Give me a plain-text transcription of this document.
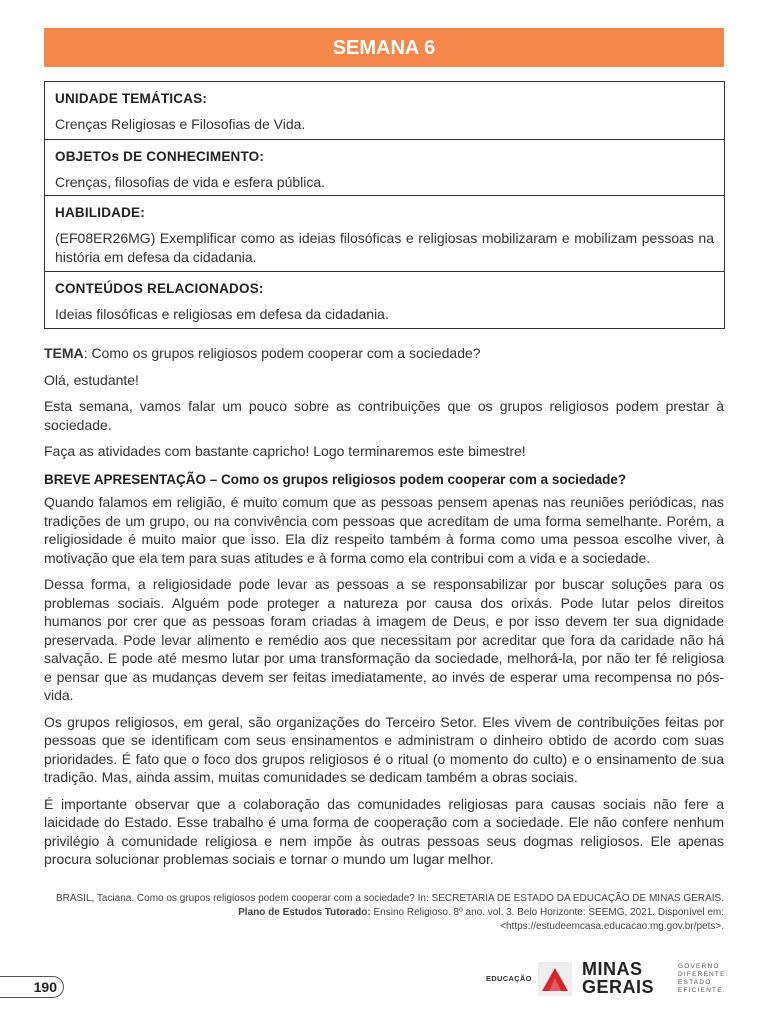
SEMANA 6
UNIDADE TEMÁTICAS:
Crenças Religiosas e Filosofias de Vida.
OBJETOs DE CONHECIMENTO:
Crenças, filosofias de vida e esfera pública.
HABILIDADE:
(EF08ER26MG) Exemplificar como as ideias filosóficas e religiosas mobilizaram e mobilizam pessoas na história em defesa da cidadania.
CONTEÚDOS RELACIONADOS:
Ideias filosóficas e religiosas em defesa da cidadania.

TEMA: Como os grupos religiosos podem cooperar com a sociedade?

Olá, estudante!

Esta semana, vamos falar um pouco sobre as contribuições que os grupos religiosos podem prestar à sociedade.

Faça as atividades com bastante capricho! Logo terminaremos este bimestre!

BREVE APRESENTAÇÃO – Como os grupos religiosos podem cooperar com a sociedade?

Quando falamos em religião, é muito comum que as pessoas pensem apenas nas reuniões periódicas, nas tradições de um grupo, ou na convivência com pessoas que acreditam de uma forma semelhante. Porém, a religiosidade é muito maior que isso. Ela diz respeito também à forma como uma pessoa escolhe viver, à motivação que ela tem para suas atitudes e à forma como ela contribui com a vida e a sociedade.

Dessa forma, a religiosidade pode levar as pessoas a se responsabilizar por buscar soluções para os problemas sociais. Alguém pode proteger a natureza por causa dos orixás. Pode lutar pelos direitos humanos por crer que as pessoas foram criadas à imagem de Deus, e por isso devem ter sua dignidade preservada. Pode levar alimento e remédio aos que necessitam por acreditar que fora da caridade não há salvação. E pode até mesmo lutar por uma transformação da sociedade, melhorá-la, por não ter fé religiosa e pensar que as mudanças devem ser feitas imediatamente, ao invés de esperar uma recompensa no pós-vida.

Os grupos religiosos, em geral, são organizações do Terceiro Setor. Eles vivem de contribuições feitas por pessoas que se identificam com seus ensinamentos e administram o dinheiro obtido de acordo com suas prioridades. É fato que o foco dos grupos religiosos é o ritual (o momento do culto) e o ensinamento de sua tradição. Mas, ainda assim, muitas comunidades se dedicam também a obras sociais.

É importante observar que a colaboração das comunidades religiosas para causas sociais não fere a laicidade do Estado. Esse trabalho é uma forma de cooperação com a sociedade. Ele não confere nenhum privilégio à comunidade religiosa e nem impõe às outras pessoas seus dogmas religiosos. Ele apenas procura solucionar problemas sociais e tornar o mundo um lugar melhor.

BRASIL, Taciana. Como os grupos religiosos podem cooperar com a sociedade? In: SECRETARIA DE ESTADO DA EDUCAÇÃO DE MINAS GERAIS. Plano de Estudos Tutorado: Ensino Religioso. 8º ano. vol. 3. Belo Horizonte: SEEMG, 2021. Disponível em: <https://estudeemcasa.educacao.mg.gov.br/pets>.
190
EDUCAÇÃO	MINAS
GERAIS
GOVERNO
DIFERENTE.
ESTADO
EFICIENTE.
